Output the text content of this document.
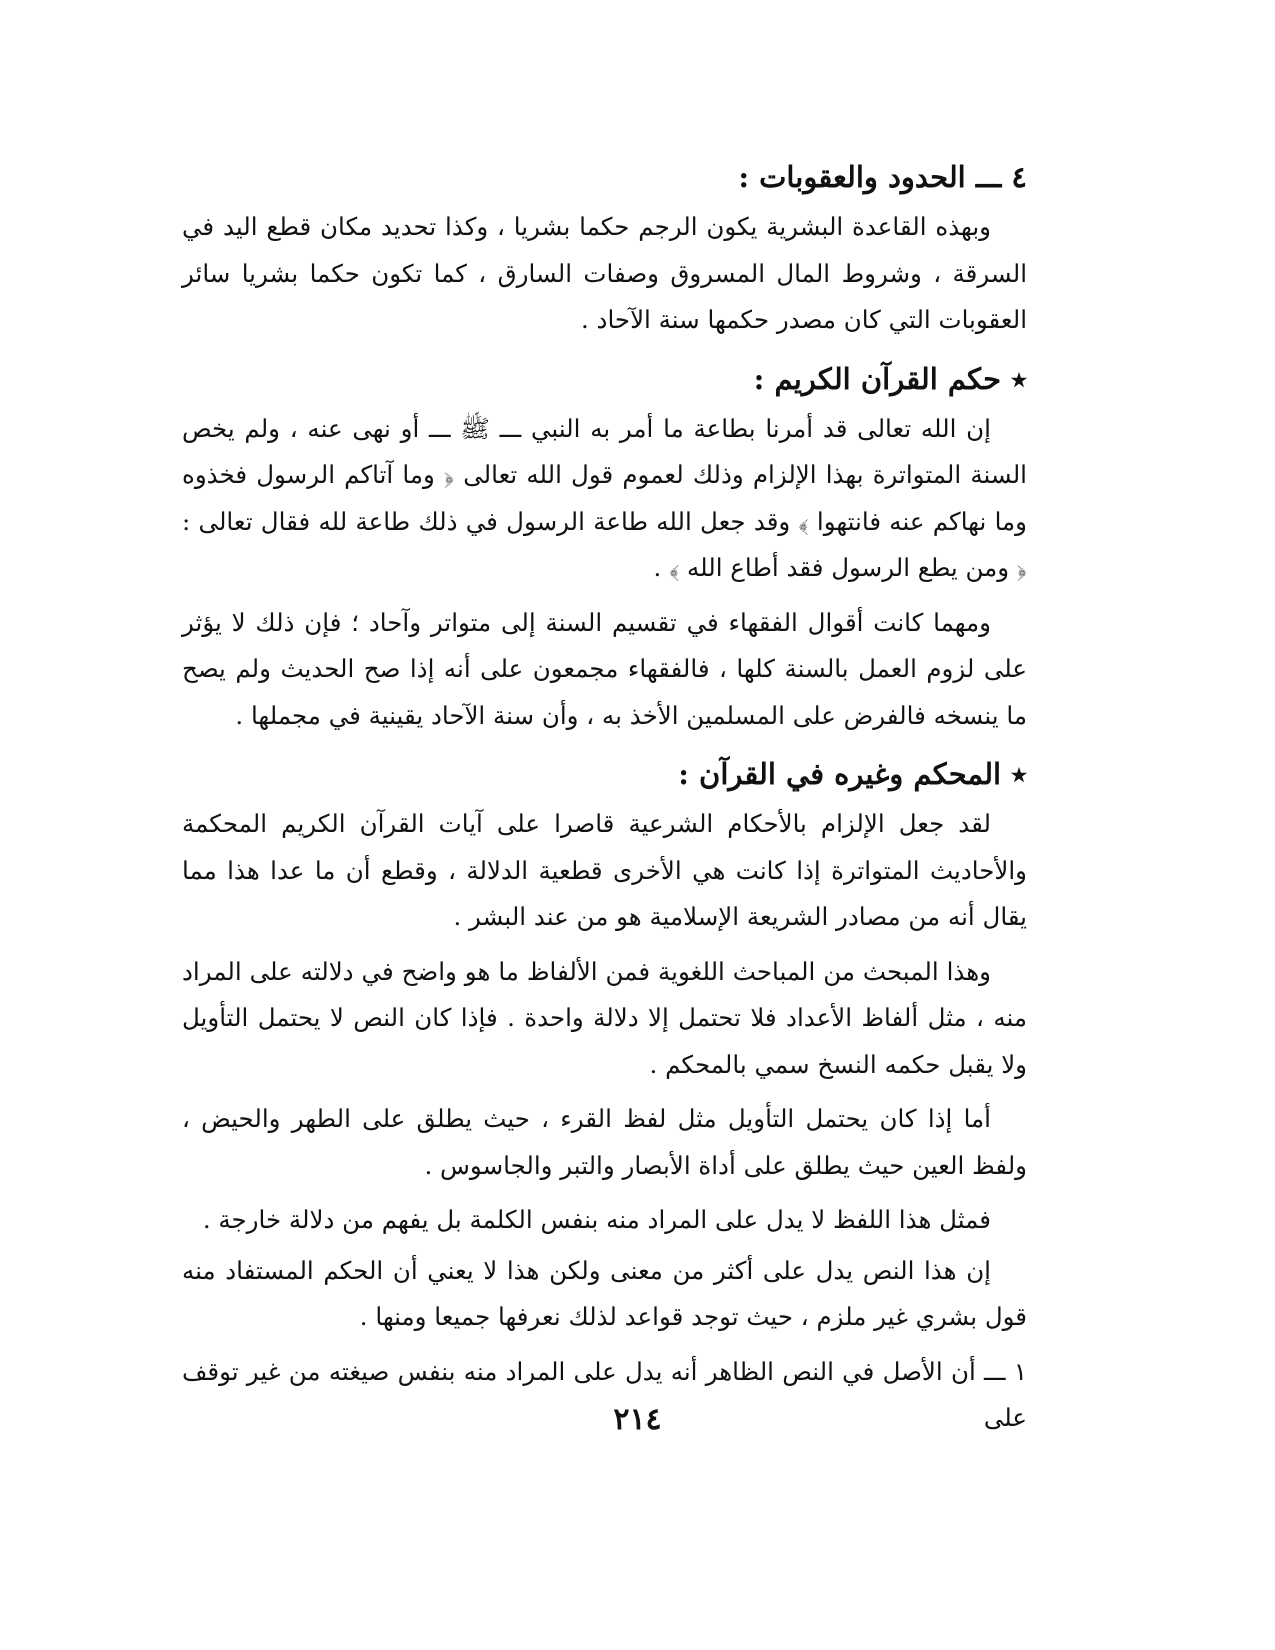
٤ ـــ الحدود والعقوبات :

وبهذه القاعدة البشرية يكون الرجم حكما بشريا ، وكذا تحديد مكان قطع اليد في السرقة ، وشروط المال المسروق وصفات السارق ، كما تكون حكما بشريا سائر العقوبات التي كان مصدر حكمها سنة الآحاد .

٭ حكم القرآن الكريم :

إن الله تعالى قد أمرنا بطاعة ما أمر به النبي ـــ ﷺ ـــ أو نهى عنه ، ولم يخص السنة المتواترة بهذا الإلزام وذلك لعموم قول الله تعالى ﴿ وما آتاكم الرسول فخذوه وما نهاكم عنه فانتهوا ﴾ وقد جعل الله طاعة الرسول في ذلك طاعة لله فقال تعالى : ﴿ ومن يطع الرسول فقد أطاع الله ﴾ .

ومهما كانت أقوال الفقهاء في تقسيم السنة إلى متواتر وآحاد ؛ فإن ذلك لا يؤثر على لزوم العمل بالسنة كلها ، فالفقهاء مجمعون على أنه إذا صح الحديث ولم يصح ما ينسخه فالفرض على المسلمين الأخذ به ، وأن سنة الآحاد يقينية في مجملها .

٭ المحكم وغيره في القرآن :

لقد جعل الإلزام بالأحكام الشرعية قاصرا على آيات القرآن الكريم المحكمة والأحاديث المتواترة إذا كانت هي الأخرى قطعية الدلالة ، وقطع أن ما عدا هذا مما يقال أنه من مصادر الشريعة الإسلامية هو من عند البشر .

وهذا المبحث من المباحث اللغوية فمن الألفاظ ما هو واضح في دلالته على المراد منه ، مثل ألفاظ الأعداد فلا تحتمل إلا دلالة واحدة . فإذا كان النص لا يحتمل التأويل ولا يقبل حكمه النسخ سمي بالمحكم .

أما إذا كان يحتمل التأويل مثل لفظ القرء ، حيث يطلق على الطهر والحيض ، ولفظ العين حيث يطلق على أداة الأبصار والتبر والجاسوس .

فمثل هذا اللفظ لا يدل على المراد منه بنفس الكلمة بل يفهم من دلالة خارجة .

إن هذا النص يدل على أكثر من معنى ولكن هذا لا يعني أن الحكم المستفاد منه قول بشري غير ملزم ، حيث توجد قواعد لذلك نعرفها جميعا ومنها .

١ ـــ أن الأصل في النص الظاهر أنه يدل على المراد منه بنفس صيغته من غير توقف على

٢١٤
